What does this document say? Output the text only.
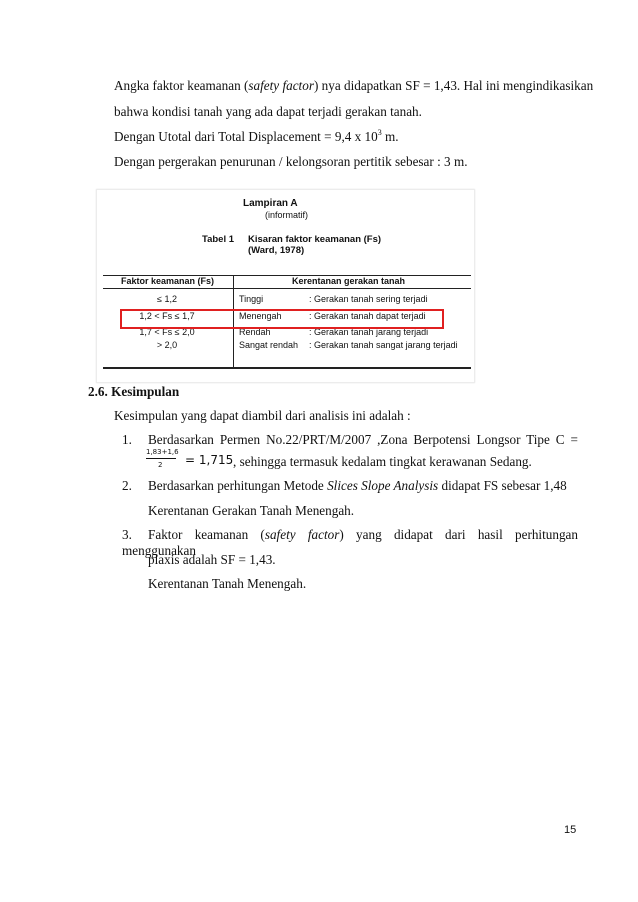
Angka faktor keamanan (safety factor) nya didapatkan SF = 1,43. Hal ini mengindikasikan
bahwa kondisi tanah yang ada dapat terjadi gerakan tanah.
Dengan Utotal dari Total Displacement = 9,4 x $10^3$ m.
Dengan pergerakan penurunan / kelongsoran pertitik sebesar : 3 m.
Lampiran A
(informatif)
Tabel 1 Kisaran faktor keamanan (Fs)
(Ward, 1978)
Faktor keamanan (Fs)	Kerentanan gerakan tanah
≤ 1,2	Tinggi	: Gerakan tanah sering terjadi
1,2 < Fs ≤ 1,7	Menengah	: Gerakan tanah dapat terjadi
1,7 < Fs ≤ 2,0	Rendah	: Gerakan tanah jarang terjadi
> 2,0	Sangat rendah : Gerakan tanah sangat jarang terjadi
2.6. Kesimpulan
Kesimpulan yang dapat diambil dari analisis ini adalah :
1. Berdasarkan Permen No.22/PRT/M/2007 ,Zona Berpotensi Longsor Tipe C =
1,83+1,6
2 = 1,715 , sehingga termasuk kedalam tingkat kerawanan Sedang.
2. Berdasarkan perhitungan Metode Slices Slope Analysis didapat FS sebesar 1,48
Kerentanan Gerakan Tanah Menengah.
3. Faktor keamanan (safety factor) yang didapat dari hasil perhitungan menggunakan
plaxis adalah SF = 1,43.
Kerentanan Tanah Menengah.
15
